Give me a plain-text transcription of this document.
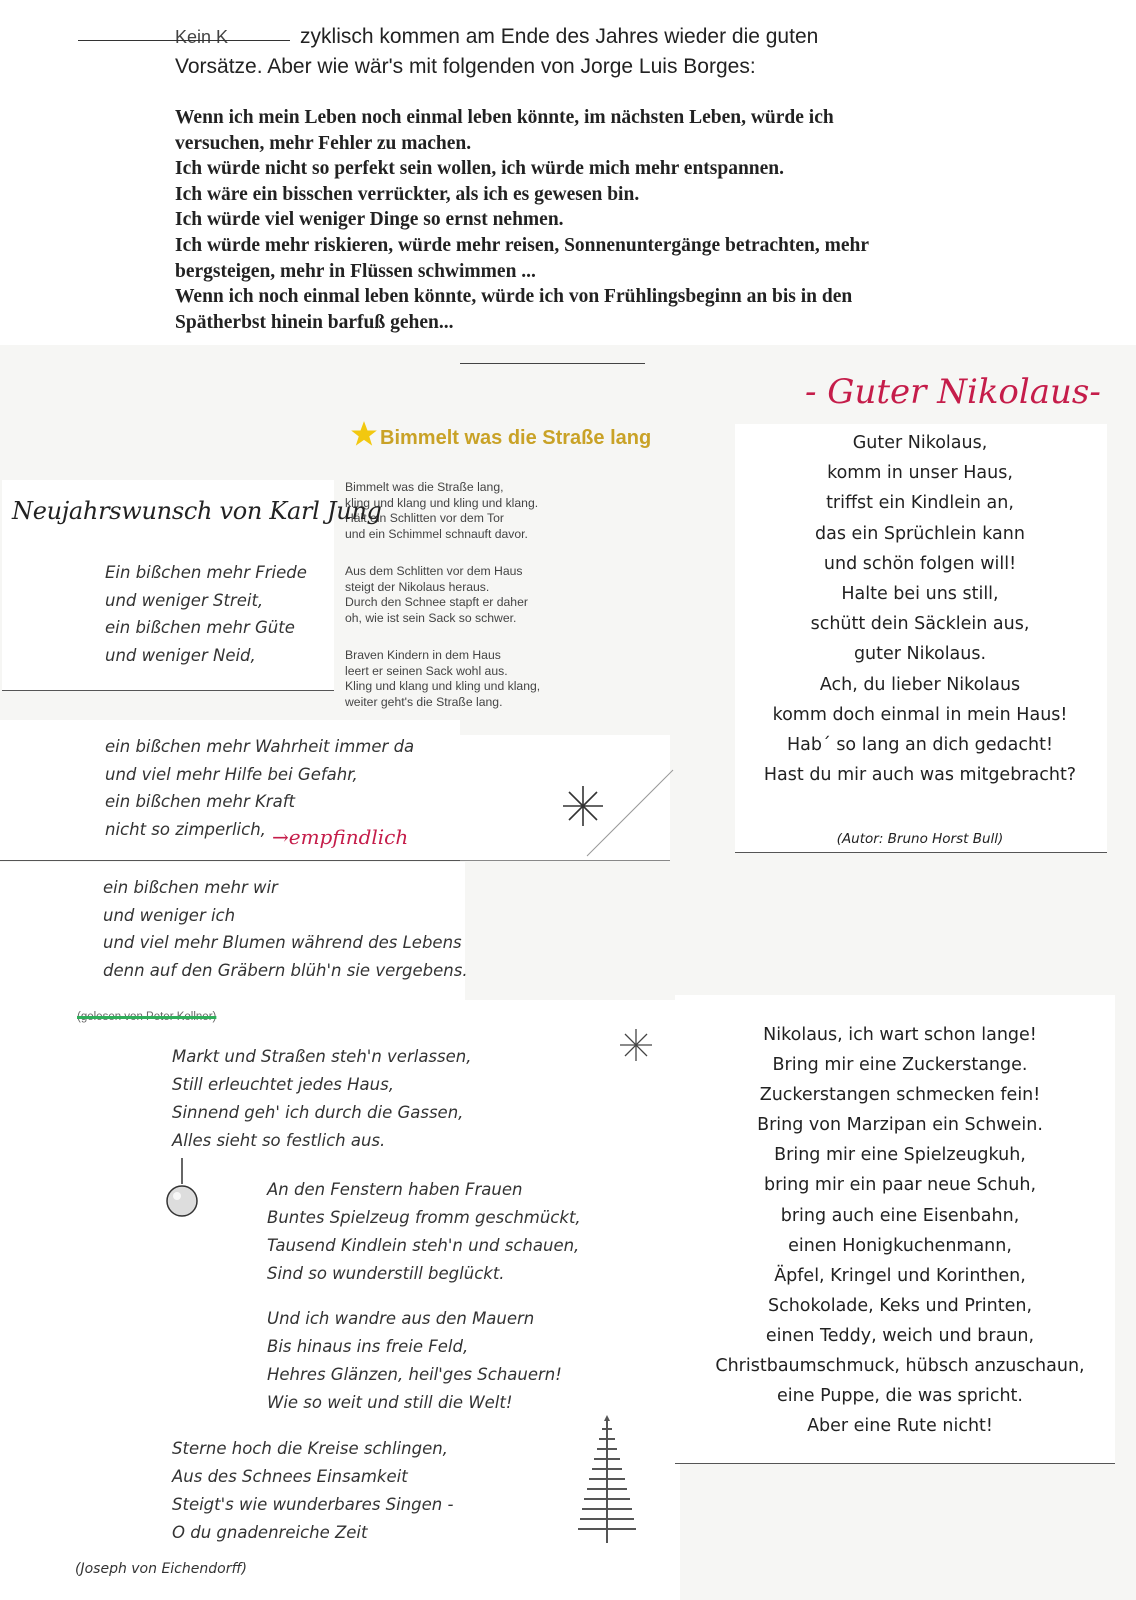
Kein K	zyklisch kommen am Ende des Jahres wieder die guten
Vorsätze. Aber wie wär's mit folgenden von Jorge Luis Borges:
Wenn ich mein Leben noch einmal leben könnte, im nächsten Leben, würde ich
versuchen, mehr Fehler zu machen.
Ich würde nicht so perfekt sein wollen, ich würde mich mehr entspannen.
Ich wäre ein bisschen verrückter, als ich es gewesen bin.
Ich würde viel weniger Dinge so ernst nehmen.
Ich würde mehr riskieren, würde mehr reisen, Sonnenuntergänge betrachten, mehr
bergsteigen, mehr in Flüssen schwimmen ...
Wenn ich noch einmal leben könnte, würde ich von Frühlingsbeginn an bis in den
Spätherbst hinein barfuß gehen...
- Guter Nikolaus-
Bimmelt was die Straße lang

Bimmelt was die Straße lang,
kling und klang und kling und klang.
Hält ein Schlitten vor dem Tor
und ein Schimmel schnauft davor.

Aus dem Schlitten vor dem Haus
steigt der Nikolaus heraus.
Durch den Schnee stapft er daher
oh, wie ist sein Sack so schwer.

Braven Kindern in dem Haus
leert er seinen Sack wohl aus.
Kling und klang und kling und klang,
weiter geht's die Straße lang.

Neujahrswunsch von Karl Jung
Ein bißchen mehr Friede
und weniger Streit,
ein bißchen mehr Güte
und weniger Neid,
ein bißchen mehr Wahrheit immer da
und viel mehr Hilfe bei Gefahr,
ein bißchen mehr Kraft
nicht so zimperlich, →empfindlich
ein bißchen mehr wir
und weniger ich
und viel mehr Blumen während des Lebens
denn auf den Gräbern blüh'n sie vergebens.
(gelesen von Peter Kollner)
Guter Nikolaus,
komm in unser Haus,
triffst ein Kindlein an,
das ein Sprüchlein kann
und schön folgen will!
Halte bei uns still,
schütt dein Säcklein aus,
guter Nikolaus.
Ach, du lieber Nikolaus
komm doch einmal in mein Haus!
Hab´ so lang an dich gedacht!
Hast du mir auch was mitgebracht?
(Autor: Bruno Horst Bull)
Nikolaus, ich wart schon lange!
Bring mir eine Zuckerstange.
Zuckerstangen schmecken fein!
Bring von Marzipan ein Schwein.
Bring mir eine Spielzeugkuh,
bring mir ein paar neue Schuh,
bring auch eine Eisenbahn,
einen Honigkuchenmann,
Äpfel, Kringel und Korinthen,
Schokolade, Keks und Printen,
einen Teddy, weich und braun,
Christbaumschmuck, hübsch anzuschaun,
eine Puppe, die was spricht.
Aber eine Rute nicht!
Markt und Straßen steh'n verlassen,
Still erleuchtet jedes Haus,
Sinnend geh' ich durch die Gassen,
Alles sieht so festlich aus.
An den Fenstern haben Frauen
Buntes Spielzeug fromm geschmückt,
Tausend Kindlein steh'n und schauen,
Sind so wunderstill beglückt.
Und ich wandre aus den Mauern
Bis hinaus ins freie Feld,
Hehres Glänzen, heil'ges Schauern!
Wie so weit und still die Welt!
Sterne hoch die Kreise schlingen,
Aus des Schnees Einsamkeit
Steigt's wie wunderbares Singen -
O du gnadenreiche Zeit
(Joseph von Eichendorff)
